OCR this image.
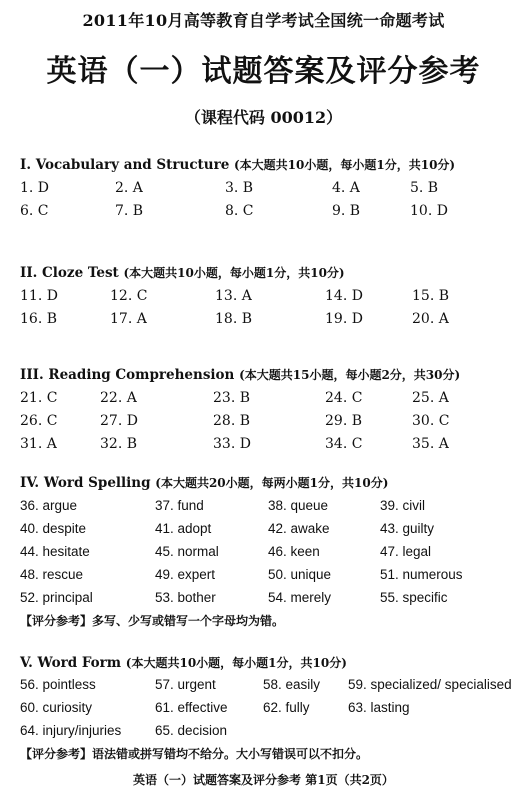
2011年10月高等教育自学考试全国统一命题考试
英语（一）试题答案及评分参考
（课程代码 00012）
I. Vocabulary and Structure (本大题共10小题，每小题1分，共10分)
1. D	2. A	3. B	4. A	5. B
6. C	7. B	8. C	9. B	10. D
II. Cloze Test (本大题共10小题，每小题1分，共10分)
11. D	12. C	13. A	14. D	15. B
16. B	17. A	18. B	19. D	20. A
III. Reading Comprehension (本大题共15小题，每小题2分，共30分)
21. C	22. A	23. B	24. C	25. A
26. C	27. D	28. B	29. B	30. C
31. A	32. B	33. D	34. C	35. A
IV. Word Spelling (本大题共20小题，每两小题1分，共10分)
36. argue	37. fund	38. queue	39. civil
40. despite	41. adopt	42. awake	43. guilty
44. hesitate	45. normal	46. keen	47. legal
48. rescue	49. expert	50. unique	51. numerous
52. principal	53. bother	54. merely	55. specific
【评分参考】多写、少写或错写一个字母均为错。
V. Word Form (本大题共10小题，每小题1分，共10分)
56. pointless	57. urgent	58. easily 59. specialized/ specialised
60. curiosity	61. effective	62. fully	63. lasting
64. injury/injuries 65. decision
【评分参考】语法错或拼写错均不给分。大小写错误可以不扣分。
英语（一）试题答案及评分参考 第1页（共2页）
